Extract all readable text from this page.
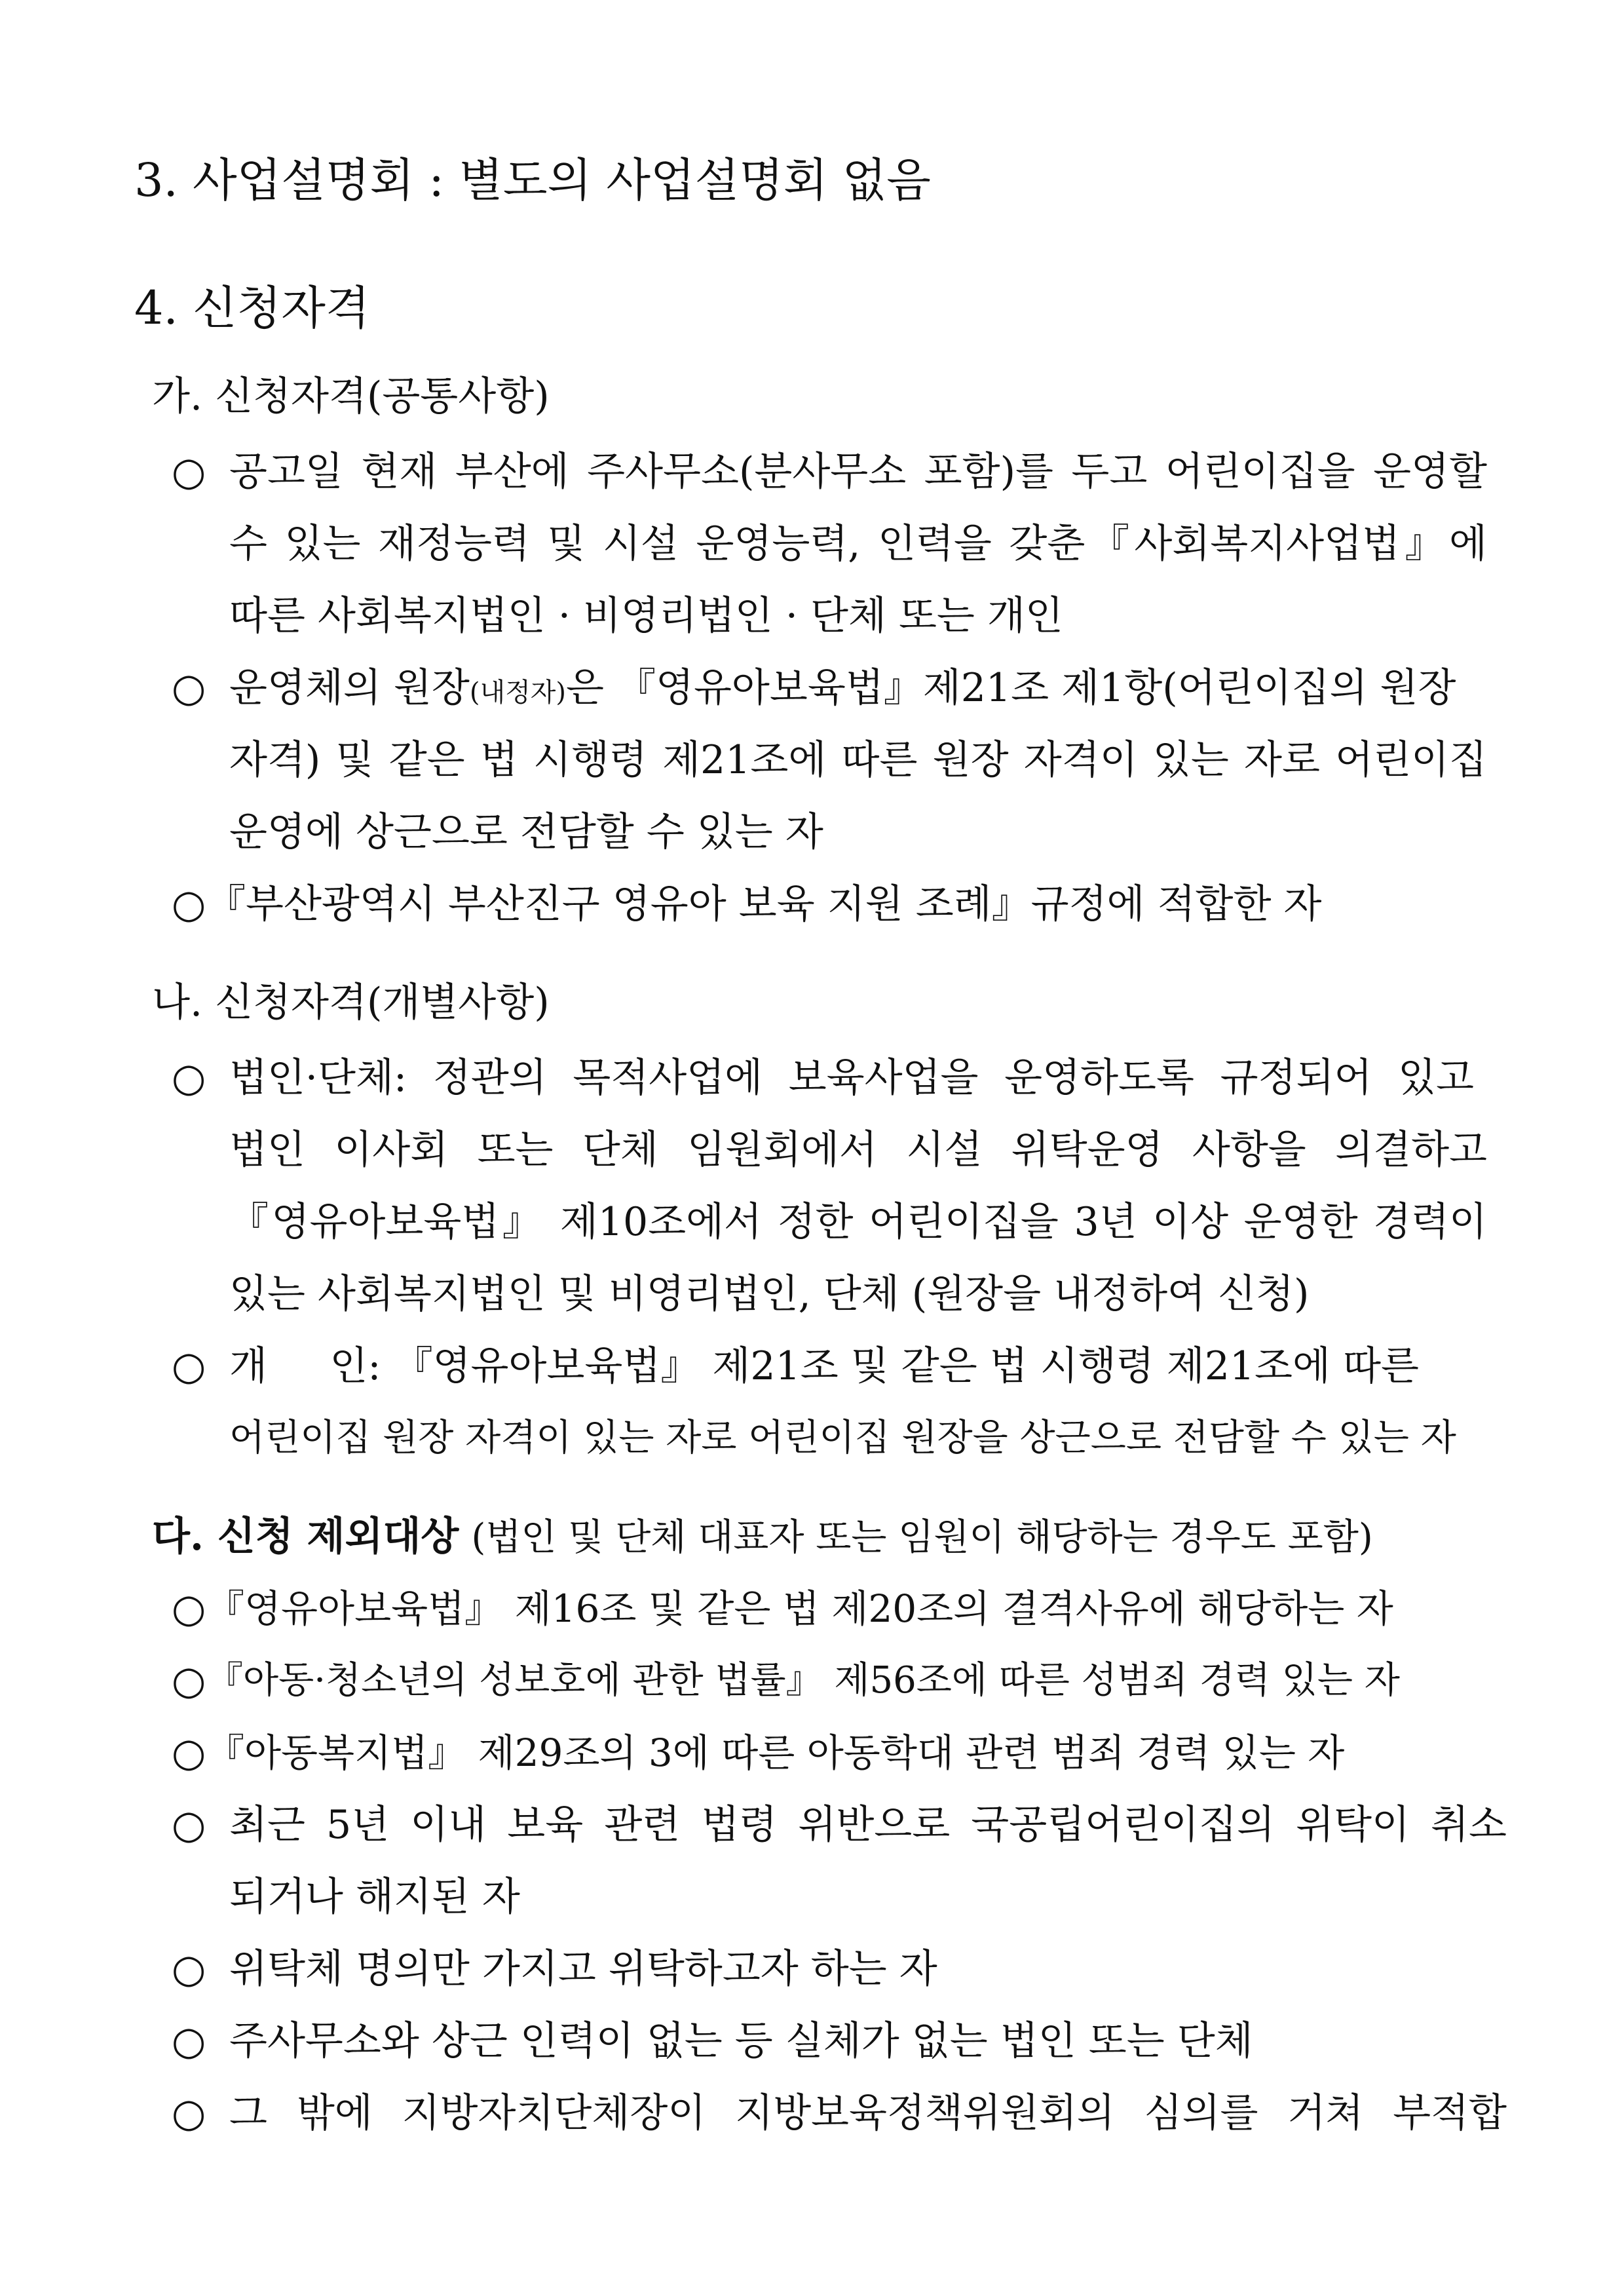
3. 사업설명회 : 별도의 사업설명회 없음
4. 신청자격
가. 신청자격(공통사항)
○ 공고일 현재 부산에 주사무소(분사무소 포함)를 두고 어린이집을 운영할
수 있는 재정능력 및 시설 운영능력, 인력을 갖춘『사회복지사업법』에
따른 사회복지법인 · 비영리법인 · 단체 또는 개인
○ 운영체의 원장(내정자)은 『영유아보육법』제21조 제1항(어린이집의 원장
자격) 및 같은 법 시행령 제21조에 따른 원장 자격이 있는 자로 어린이집
운영에 상근으로 전담할 수 있는 자
○ 『부산광역시 부산진구 영유아 보육 지원 조례』규정에 적합한 자
나. 신청자격(개별사항)
○ 법인·단체: 정관의 목적사업에 보육사업을 운영하도록 규정되어 있고
법인 이사회 또는 단체 임원회에서 시설 위탁운영 사항을 의결하고
『영유아보육법』 제10조에서 정한 어린이집을 3년 이상 운영한 경력이
있는 사회복지법인 및 비영리법인, 단체 (원장을 내정하여 신청)
○ 개     인: 『영유아보육법』 제21조 및 같은 법 시행령 제21조에 따른
어린이집 원장 자격이 있는 자로 어린이집 원장을 상근으로 전담할 수 있는 자
다. 신청 제외대상 (법인 및 단체 대표자 또는 임원이 해당하는 경우도 포함)
○ 『영유아보육법』 제16조 및 같은 법 제20조의 결격사유에 해당하는 자
○ 『아동·청소년의 성보호에 관한 법률』 제56조에 따른 성범죄 경력 있는 자
○ 『아동복지법』 제29조의 3에 따른 아동학대 관련 범죄 경력 있는 자
○ 최근 5년 이내 보육 관련 법령 위반으로 국공립어린이집의 위탁이 취소
되거나 해지된 자
○ 위탁체 명의만 가지고 위탁하고자 하는 자
○ 주사무소와 상근 인력이 없는 등 실체가 없는 법인 또는 단체
○ 그 밖에 지방자치단체장이 지방보육정책위원회의 심의를 거쳐 부적합
